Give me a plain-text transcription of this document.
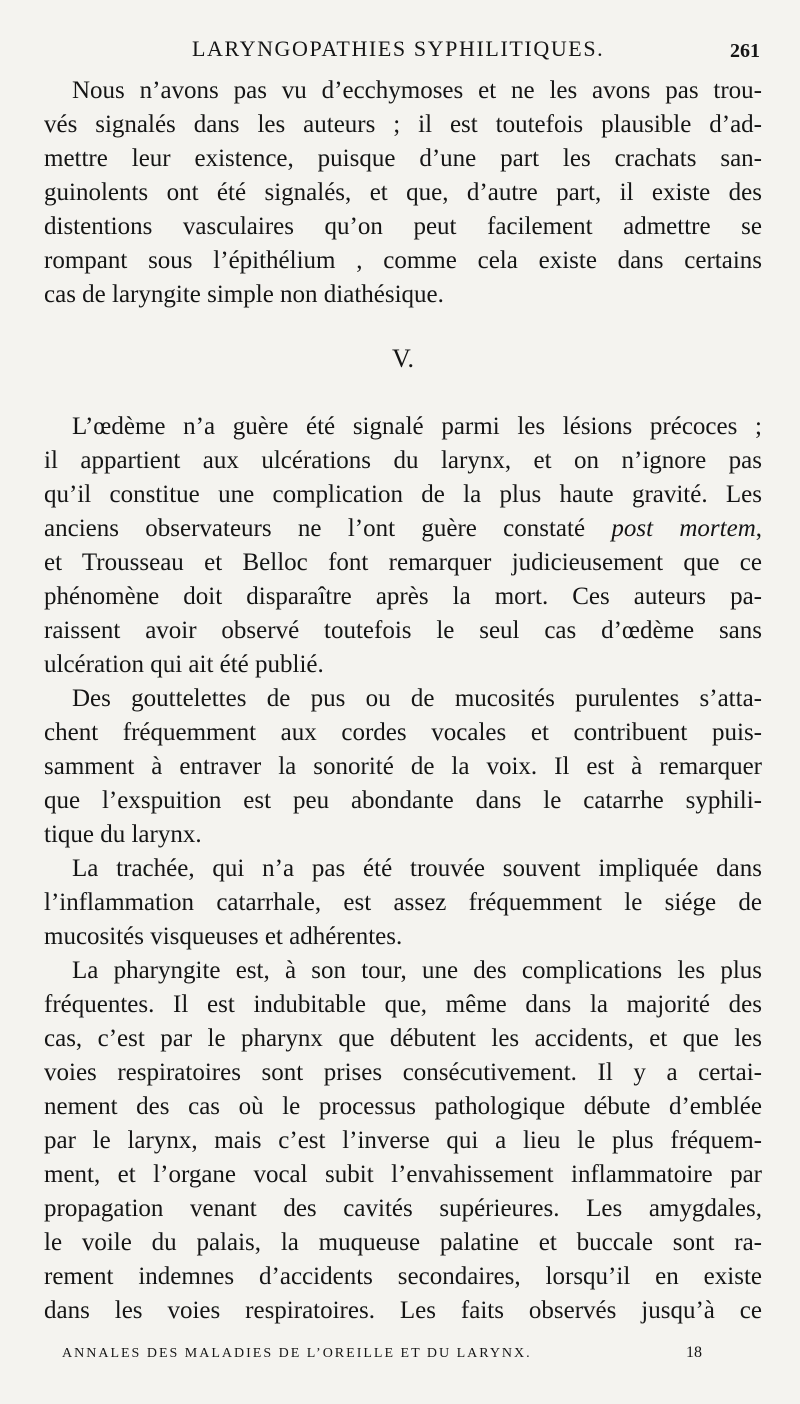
LARYNGOPATHIES SYPHILITIQUES.	261

Nous n’avons pas vu d’ecchymoses et ne les avons pas trou-

vés signalés dans les auteurs ; il est toutefois plausible d’ad-

mettre leur existence, puisque d’une part les crachats san-

guinolents ont été signalés, et que, d’autre part, il existe des

distentions vasculaires qu’on peut facilement admettre se

rompant sous l’épithélium , comme cela existe dans certains

cas de laryngite simple non diathésique.

V.

L’œdème n’a guère été signalé parmi les lésions précoces ;

il appartient aux ulcérations du larynx, et on n’ignore pas

qu’il constitue une complication de la plus haute gravité. Les

anciens observateurs ne l’ont guère constaté post mortem,

et Trousseau et Belloc font remarquer judicieusement que ce

phénomène doit disparaître après la mort. Ces auteurs pa-

raissent avoir observé toutefois le seul cas d’œdème sans

ulcération qui ait été publié.

Des gouttelettes de pus ou de mucosités purulentes s’atta-

chent fréquemment aux cordes vocales et contribuent puis-

samment à entraver la sonorité de la voix. Il est à remarquer

que l’exspuition est peu abondante dans le catarrhe syphili-

tique du larynx.

La trachée, qui n’a pas été trouvée souvent impliquée dans

l’inflammation catarrhale, est assez fréquemment le siége de

mucosités visqueuses et adhérentes.

La pharyngite est, à son tour, une des complications les plus

fréquentes. Il est indubitable que, même dans la majorité des

cas, c’est par le pharynx que débutent les accidents, et que les

voies respiratoires sont prises consécutivement. Il y a certai-

nement des cas où le processus pathologique débute d’emblée

par le larynx, mais c’est l’inverse qui a lieu le plus fréquem-

ment, et l’organe vocal subit l’envahissement inflammatoire par

propagation venant des cavités supérieures. Les amygdales,

le voile du palais, la muqueuse palatine et buccale sont ra-

rement indemnes d’accidents secondaires, lorsqu’il en existe

dans les voies respiratoires. Les faits observés jusqu’à ce

ANNALES DES MALADIES DE L’OREILLE ET DU LARYNX.	18
